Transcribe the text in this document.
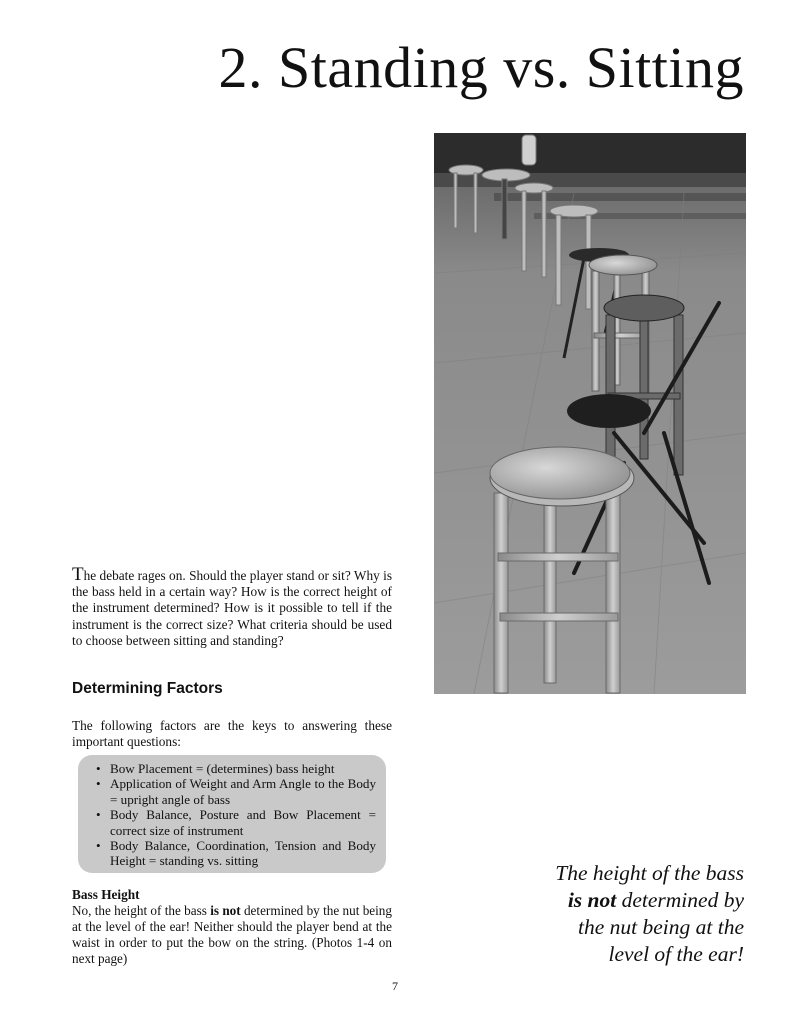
2. Standing vs. Sitting
The debate rages on. Should the player stand or sit? Why is the bass held in a certain way? How is the correct height of the instrument determined? How is it possible to tell if the instrument is the correct size? What criteria should be used to choose between sitting and standing?
Determining Factors
The following factors are the keys to answering these important questions:
• Bow Placement = (determines) bass height
• Application of Weight and Arm Angle to the Body = upright angle of bass
• Body Balance, Posture and Bow Placement = correct size of instrument
• Body Balance, Coordination, Tension and Body Height = standing vs. sitting
Bass Height
No, the height of the bass is not determined by the nut being at the level of the ear! Neither should the player bend at the waist in order to put the bow on the string. (Photos 1-4 on next page)
The height of the bass
is not determined by
the nut being at the
level of the ear!
7
